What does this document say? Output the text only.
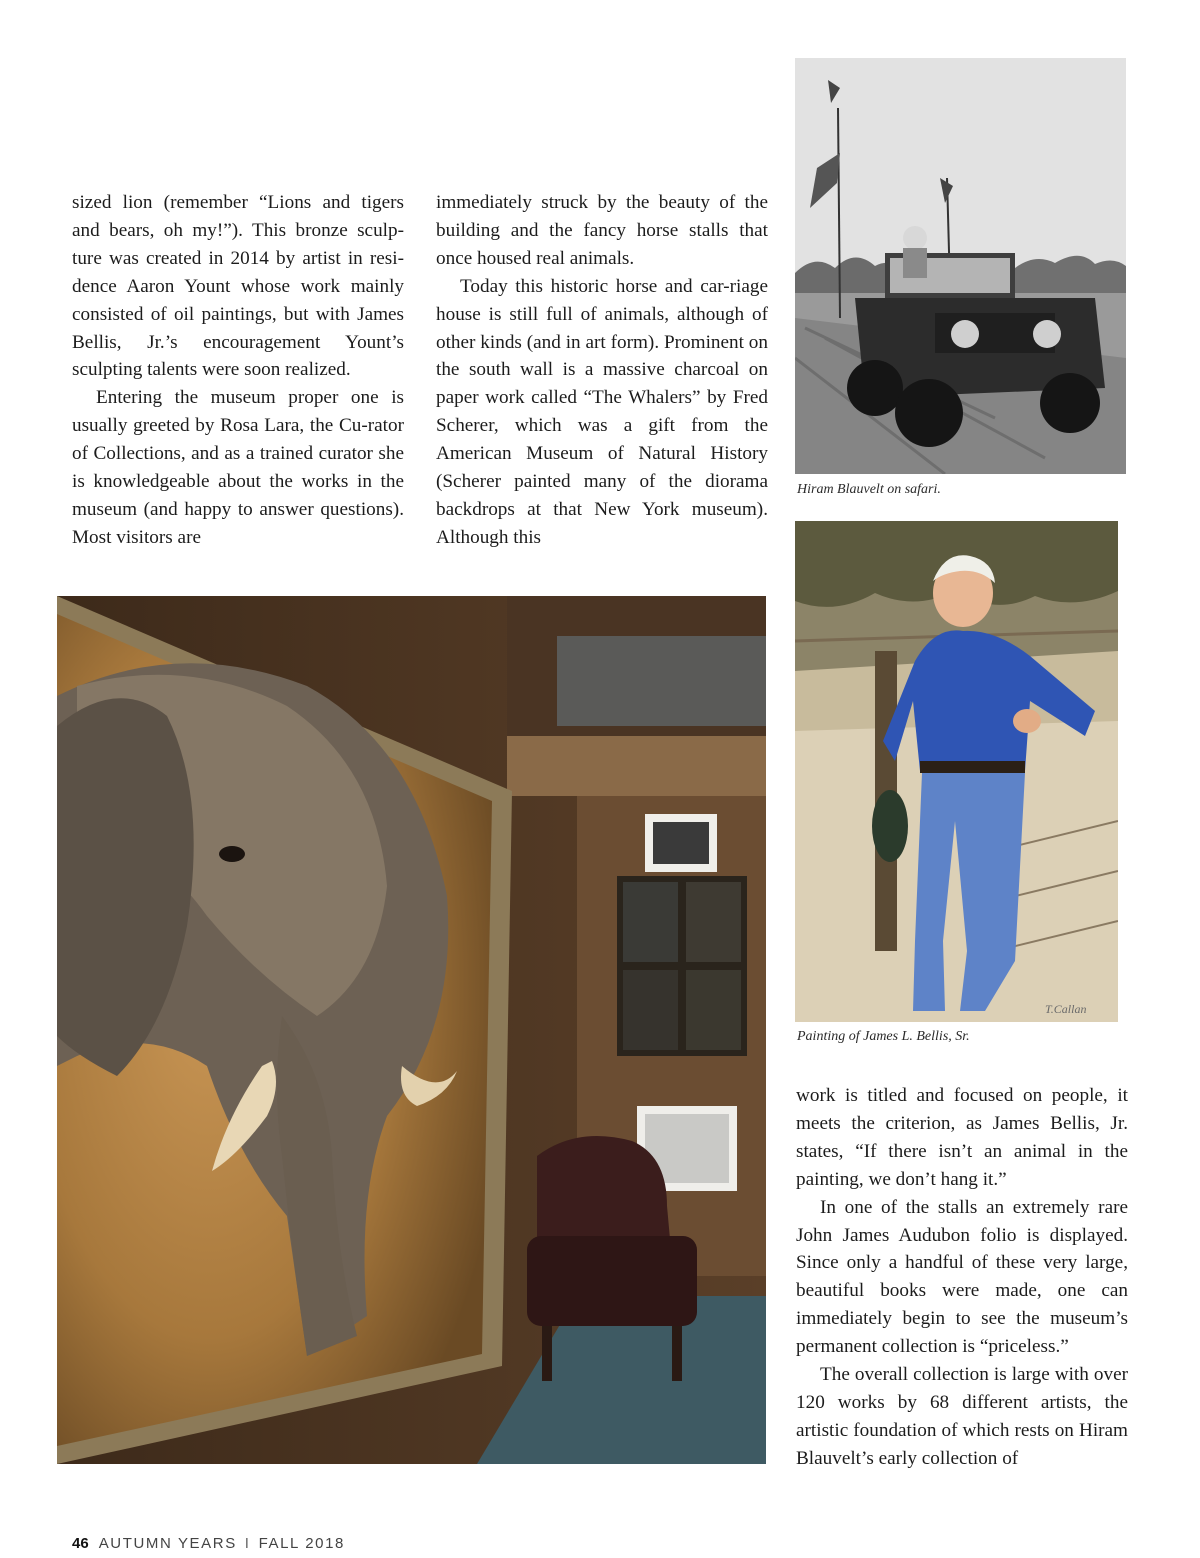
sized lion (remember “Lions and tigers and bears, oh my!”). This bronze sculp-ture was created in 2014 by artist in resi-dence Aaron Yount whose work mainly consisted of oil paintings, but with James Bellis, Jr.’s encouragement Yount’s sculpting talents were soon realized.

Entering the museum proper one is usually greeted by Rosa Lara, the Cu-rator of Collections, and as a trained curator she is knowledgeable about the works in the museum (and happy to answer questions). Most visitors are

immediately struck by the beauty of the building and the fancy horse stalls that once housed real animals.

Today this historic horse and car-riage house is still full of animals, although of other kinds (and in art form). Prominent on the south wall is a massive charcoal on paper work called “The Whalers” by Fred Scherer, which was a gift from the American Museum of Natural History (Scherer painted many of the diorama backdrops at that New York museum). Although this

Hiram Blauvelt on safari.
T.Callan
Painting of James L. Bellis, Sr.

work is titled and focused on people, it meets the criterion, as James Bellis, Jr. states, “If there isn’t an animal in the painting, we don’t hang it.”

In one of the stalls an extremely rare John James Audubon folio is displayed. Since only a handful of these very large, beautiful books were made, one can immediately begin to see the museum’s permanent collection is “priceless.”

The overall collection is large with over 120 works by 68 different artists, the artistic foundation of which rests on Hiram Blauvelt’s early collection of

46 AUTUMN YEARS I FALL 2018
